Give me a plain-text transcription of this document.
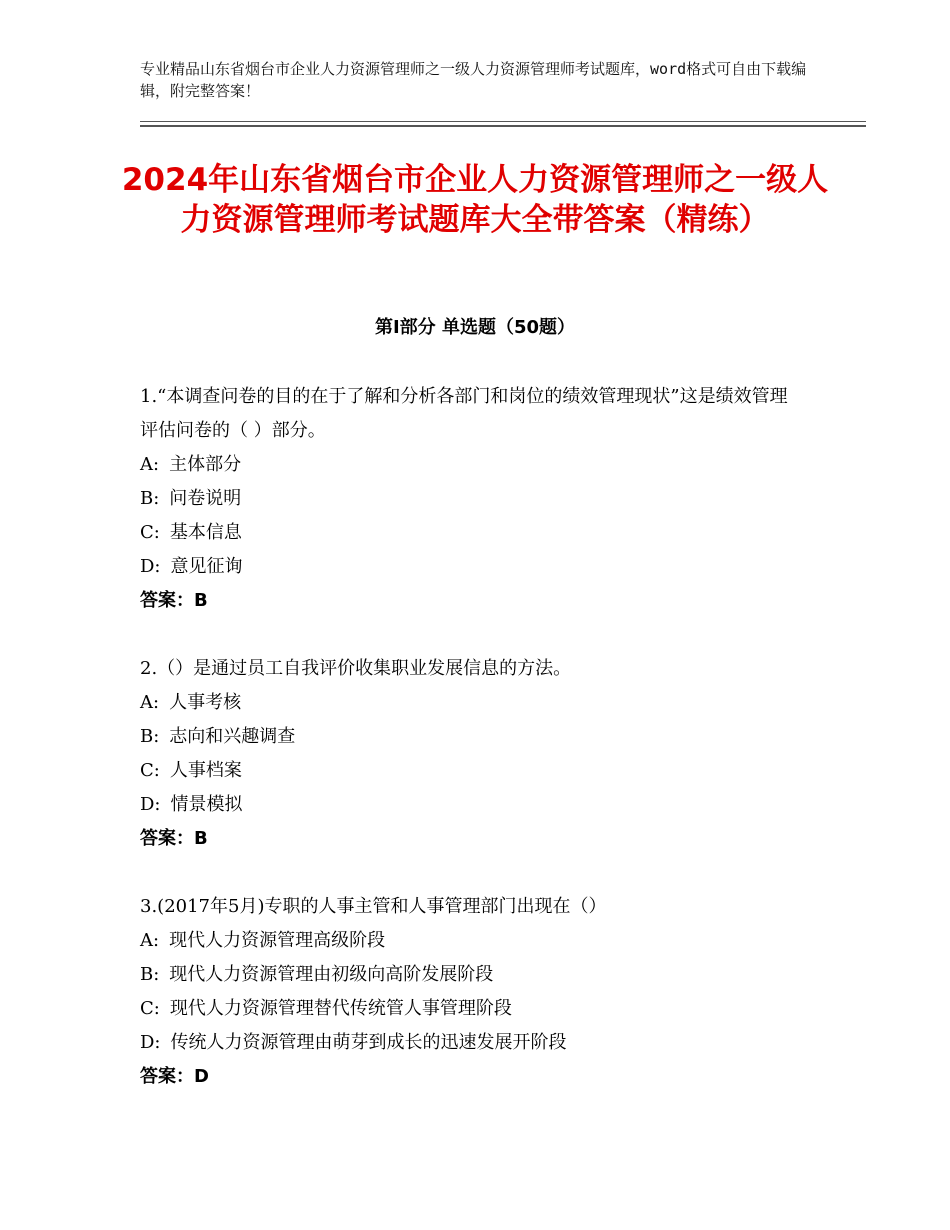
专业精品山东省烟台市企业人力资源管理师之一级人力资源管理师考试题库，word格式可自由下载编辑，附完整答案！
2024年山东省烟台市企业人力资源管理师之一级人力资源管理师考试题库大全带答案（精练）
第Ⅰ部分 单选题（50题）

1.“本调查问卷的目的在于了解和分析各部门和岗位的绩效管理现状”这是绩效管理评估问卷的（ ）部分。

A: 主体部分

B: 问卷说明

C: 基本信息

D: 意见征询

答案：B

2.（）是通过员工自我评价收集职业发展信息的方法。

A: 人事考核

B: 志向和兴趣调查

C: 人事档案

D: 情景模拟

答案：B

3.(2017年5月)专职的人事主管和人事管理部门出现在（）

A: 现代人力资源管理高级阶段

B: 现代人力资源管理由初级向高阶发展阶段

C: 现代人力资源管理替代传统管人事管理阶段

D: 传统人力资源管理由萌芽到成长的迅速发展开阶段

答案：D
